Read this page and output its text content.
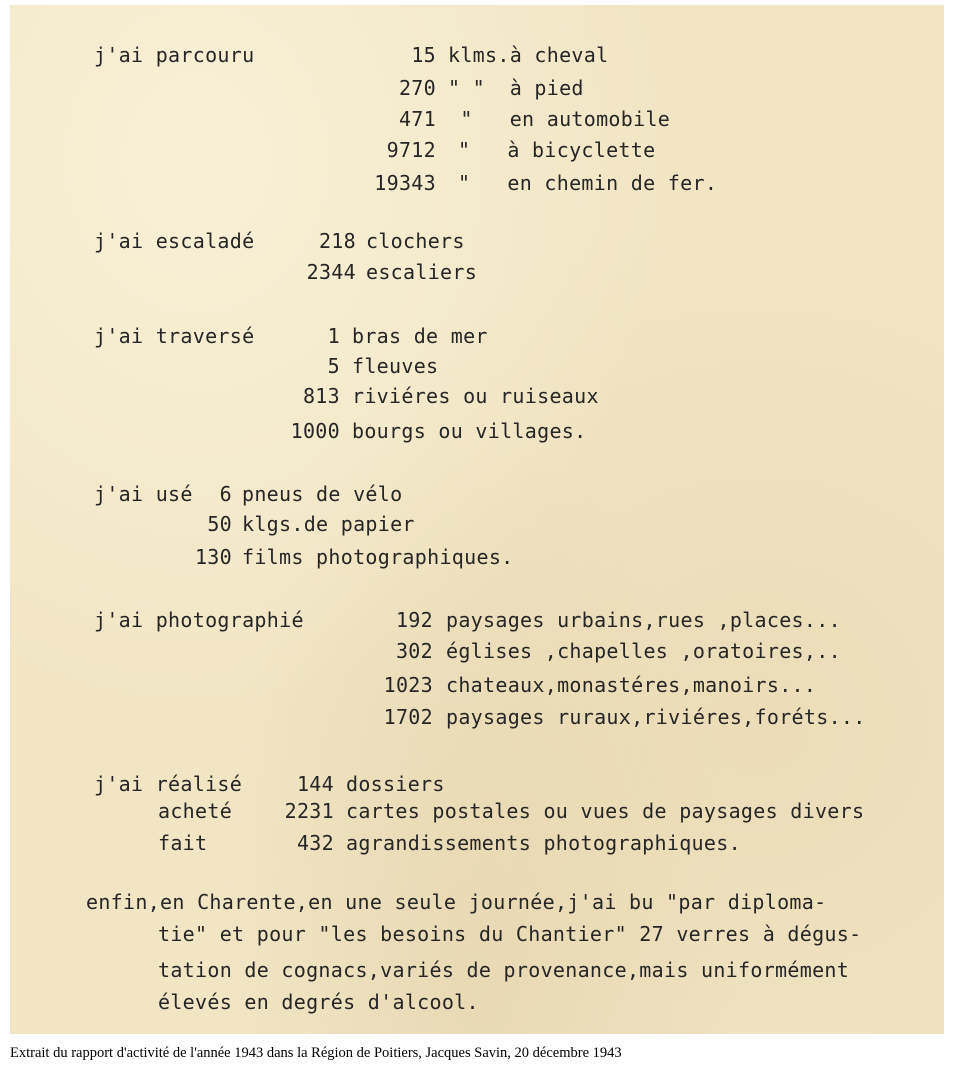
j'ai parcouru	15 klms.à cheval
270 " "  à pied
471 "   en automobile
9712 "   à bicyclette
19343 "   en chemin de fer.
j'ai escaladé	218 clochers
2344 escaliers
j'ai traversé	1 bras de mer
5 fleuves
813 riviéres ou ruiseaux
1000 bourgs ou villages.
j'ai usé	6 pneus de vélo
50 klgs.de papier
130 films photographiques.
j'ai photographié	192 paysages urbains,rues ,places...
302 églises ,chapelles ,oratoires,..
1023 chateaux,monastéres,manoirs...
1702 paysages ruraux,riviéres,foréts...
j'ai réalisé	144 dossiers
acheté	2231 cartes postales ou vues de paysages divers
fait	432 agrandissements photographiques.
enfin,en Charente,en une seule journée,j'ai bu "par diploma-
tie" et pour "les besoins du Chantier" 27 verres à dégus-
tation de cognacs,variés de provenance,mais uniformément
élevés en degrés d'alcool.
Extrait du rapport d'activité de l'année 1943 dans la Région de Poitiers, Jacques Savin, 20 décembre 1943
